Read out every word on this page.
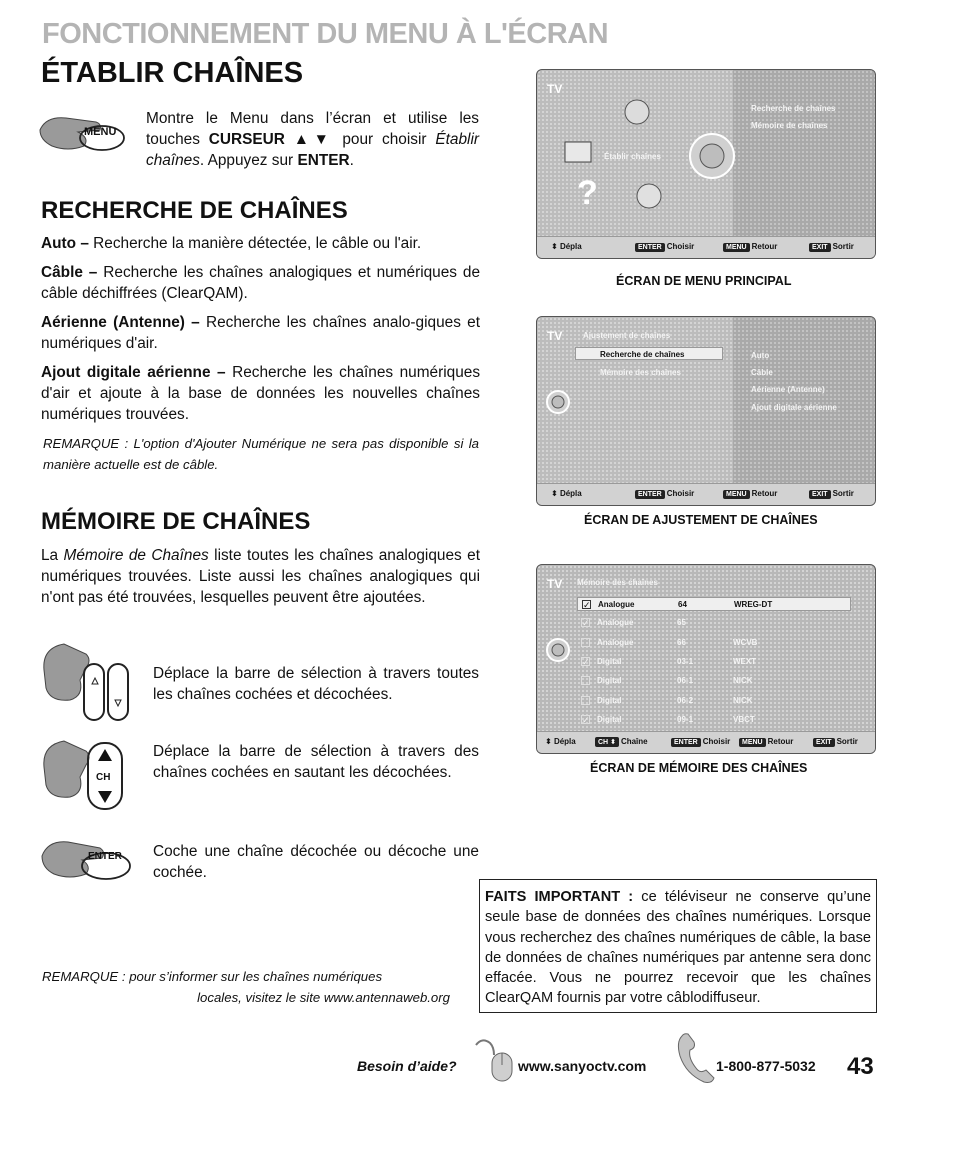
FONCTIONNEMENT DU MENU À L'ÉCRAN
ÉTABLIR CHAÎNES
MENU

Montre le Menu dans l’écran et utilise les touches CURSEUR ▲▼ pour choisir Établir chaînes. Appuyez sur ENTER.

RECHERCHE DE CHAÎNES

Auto – Recherche la manière détectée, le câble ou l'air.

Câble – Recherche les chaînes analogiques et numériques de câble déchiffrées (ClearQAM).

Aérienne (Antenne) – Recherche les chaînes analo-giques et numériques d'air.

Ajout digitale aérienne – Recherche les chaînes numériques d'air et ajoute à la base de données les nouvelles chaînes numériques trouvées.

REMARQUE : L'option d'Ajouter Numérique ne sera pas disponible si la manière actuelle est de câble.

MÉMOIRE DE CHAÎNES

La Mémoire de Chaînes liste toutes les chaînes analogiques et numériques trouvées. Liste aussi les chaînes analogiques qui n'ont pas été trouvées, lesquelles peuvent être ajoutées.

Déplace la barre de sélection à travers toutes les chaînes cochées et décochées.

CH

Déplace la barre de sélection à travers des chaînes cochées en sautant les décochées.

ENTER Coche une chaîne décochée ou décoche une cochée.

REMARQUE : pour s’informer sur les chaînes numériques
locales, visitez le site www.antennaweb.org
TV
?
Établir chaînes
Recherche de chaînes
Mémoire de chaînes
⬍ Dépla	ENTER Choisir	MENU Retour	EXIT Sortir
ÉCRAN DE MENU PRINCIPAL
TV	Ajustement de chaînes
Recherche de chaînes
Mémoire des chaînes
Auto
Câble
Aérienne (Antenne)
Ajout digitale aérienne
⬍ Dépla	ENTER Choisir	MENU Retour	EXIT Sortir
ÉCRAN DE AJUSTEMENT DE CHAÎNES
TV Mémoire des chaînes
✓ Analogue	64	WREG-DT
✓ Analogue	65
Analogue	66	WCVB
✓ Digital	03-1	WEXT
Digital	06-1	NICK
Digital	06-2	NICK
✓ Digital	09-1	VBCT
⬍ Dépla	CH ⬍ Chaîne	ENTER Choisir	MENU Retour	EXIT Sortir
ÉCRAN DE MÉMOIRE DES CHAÎNES
FAITS IMPORTANT : ce téléviseur ne conserve qu’une seule base de données des chaînes numériques. Lorsque vous recherchez des chaînes numériques de câble, la base de données de chaînes numériques par antenne sera donc effacée. Vous ne pourrez recevoir que les chaînes ClearQAM fournis par votre câblodiffuseur.
Besoin d’aide?	www.sanyoctv.com	1-800-877-5032 43
